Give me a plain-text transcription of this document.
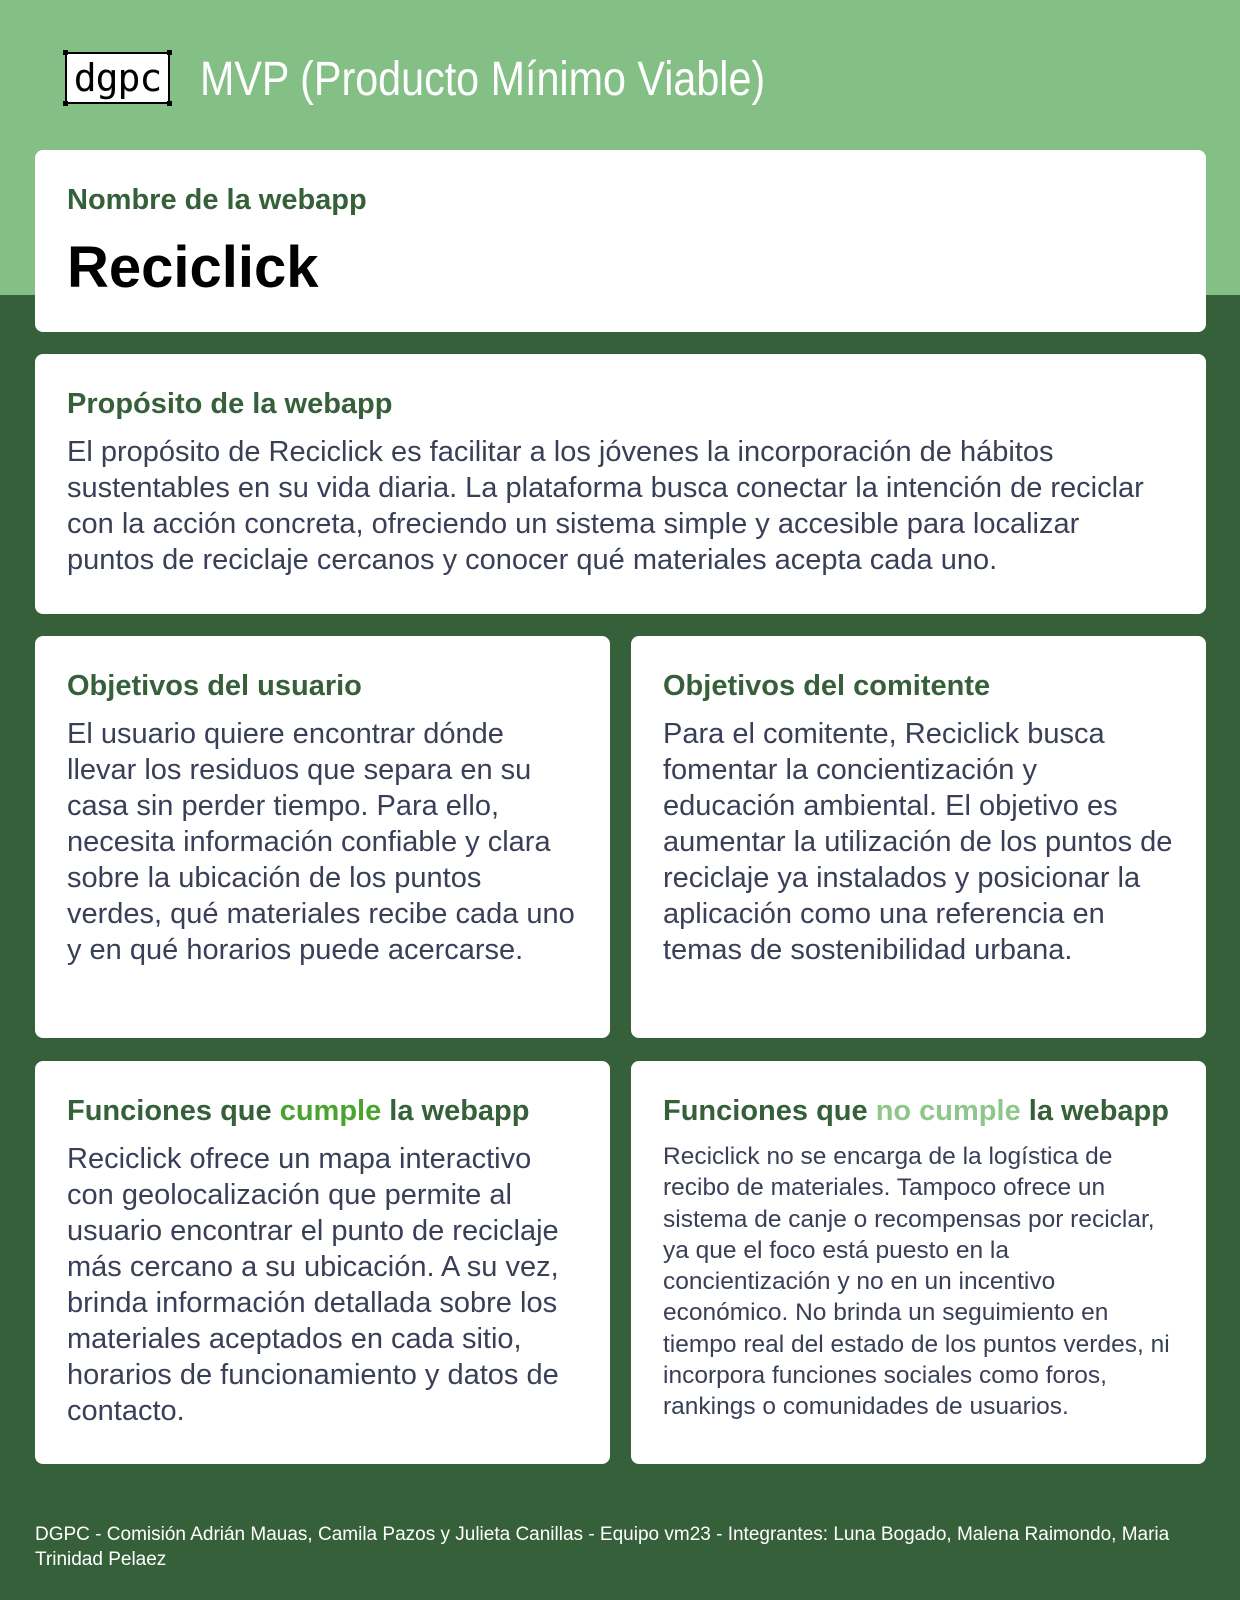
dgpc MVP (Producto Mínimo Viable)
Nombre de la webapp
Reciclick
Propósito de la webapp

El propósito de Reciclick es facilitar a los jóvenes la incorporación de hábitos sustentables en su vida diaria. La plataforma busca conectar la intención de reciclar con la acción concreta, ofreciendo un sistema simple y accesible para localizar puntos de reciclaje cercanos y conocer qué materiales acepta cada uno.

Objetivos del usuario

El usuario quiere encontrar dónde llevar los residuos que separa en su casa sin perder tiempo. Para ello, necesita información confiable y clara sobre la ubicación de los puntos verdes, qué materiales recibe cada uno y en qué horarios puede acercarse.

Objetivos del comitente

Para el comitente, Reciclick busca fomentar la concientización y educación ambiental. El objetivo es aumentar la utilización de los puntos de reciclaje ya instalados y posicionar la aplicación como una referencia en temas de sostenibilidad urbana.

Funciones que cumple la webapp

Reciclick ofrece un mapa interactivo con geolocalización que permite al usuario encontrar el punto de reciclaje más cercano a su ubicación. A su vez, brinda información detallada sobre los materiales aceptados en cada sitio, horarios de funcionamiento y datos de contacto.

Funciones que no cumple la webapp

Reciclick no se encarga de la logística de recibo de materiales. Tampoco ofrece un sistema de canje o recompensas por reciclar, ya que el foco está puesto en la concientización y no en un incentivo económico. No brinda un seguimiento en tiempo real del estado de los puntos verdes, ni incorpora funciones sociales como foros, rankings o comunidades de usuarios.

DGPC - Comisión Adrián Mauas, Camila Pazos y Julieta Canillas - Equipo vm23 - Integrantes: Luna Bogado, Malena Raimondo, Maria Trinidad Pelaez
